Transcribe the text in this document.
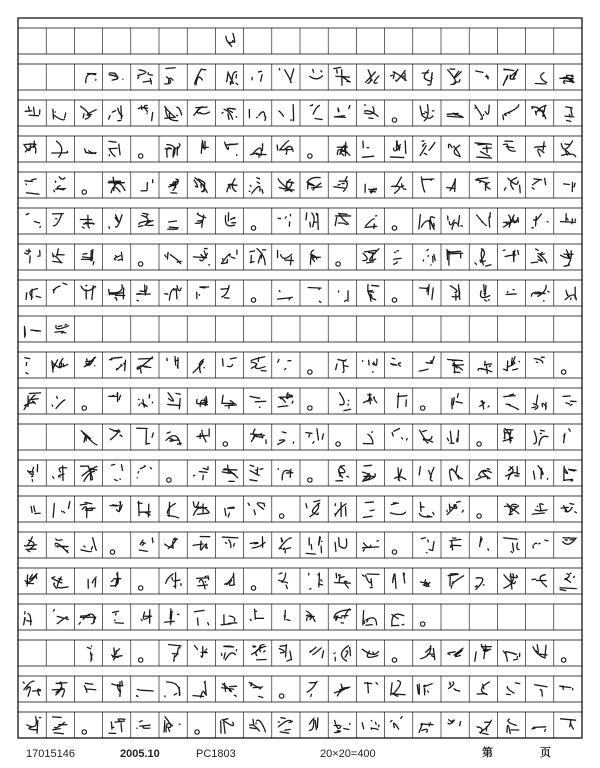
17015146	2005.10	PC1803	20×20=400	第	页
